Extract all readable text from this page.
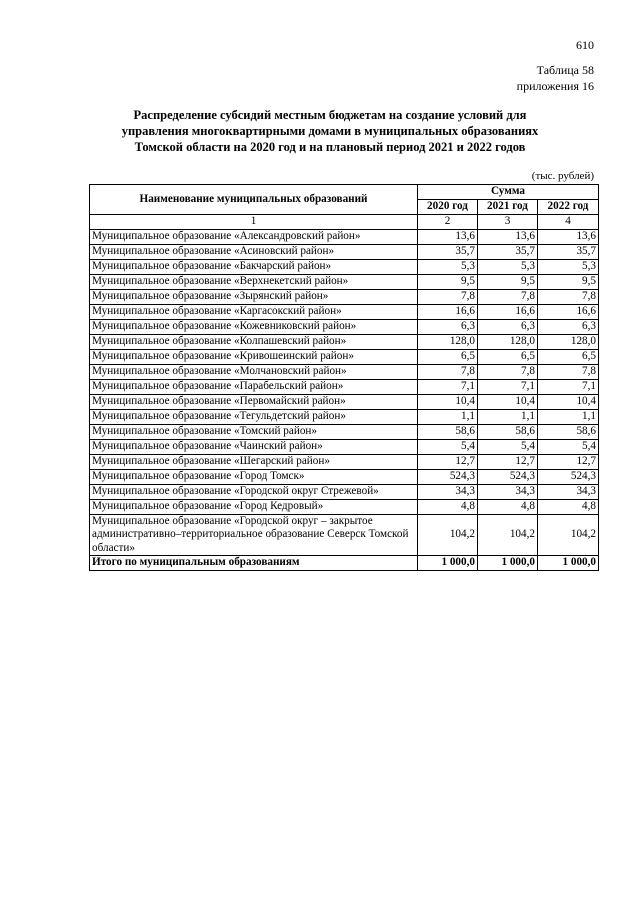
610
Таблица 58
приложения 16
Распределение субсидий местным бюджетам на создание условий для
управления многоквартирными домами в муниципальных образованиях
Томской области на 2020 год и на плановый период 2021 и 2022 годов
(тыс. рублей)
Наименование муниципальных образований	Сумма		
	2020 год	2021 год	2022 год
1	2	3	4
Муниципальное образование «Александровский район»	13,6	13,6	13,6
Муниципальное образование «Асиновский район»	35,7	35,7	35,7
Муниципальное образование «Бакчарский район»	5,3	5,3	5,3
Муниципальное образование «Верхнекетский район»	9,5	9,5	9,5
Муниципальное образование «Зырянский район»	7,8	7,8	7,8
Муниципальное образование «Каргасокский район»	16,6	16,6	16,6
Муниципальное образование «Кожевниковский район»	6,3	6,3	6,3
Муниципальное образование «Колпашевский район»	128,0	128,0	128,0
Муниципальное образование «Кривошеинский район»	6,5	6,5	6,5
Муниципальное образование «Молчановский район»	7,8	7,8	7,8
Муниципальное образование «Парабельский район»	7,1	7,1	7,1
Муниципальное образование «Первомайский район»	10,4	10,4	10,4
Муниципальное образование «Тегульдетский район»	1,1	1,1	1,1
Муниципальное образование «Томский район»	58,6	58,6	58,6
Муниципальное образование «Чаинский район»	5,4	5,4	5,4
Муниципальное образование «Шегарский район»	12,7	12,7	12,7
Муниципальное образование «Город Томск»	524,3	524,3	524,3
Муниципальное образование «Городской округ Стрежевой»	34,3	34,3	34,3
Муниципальное образование «Город Кедровый»	4,8	4,8	4,8
Муниципальное образование «Городской округ – закрытое административно–территориальное образование Северск Томской области»	104,2	104,2	104,2
Итого по муниципальным образованиям	1 000,0	1 000,0	1 000,0
